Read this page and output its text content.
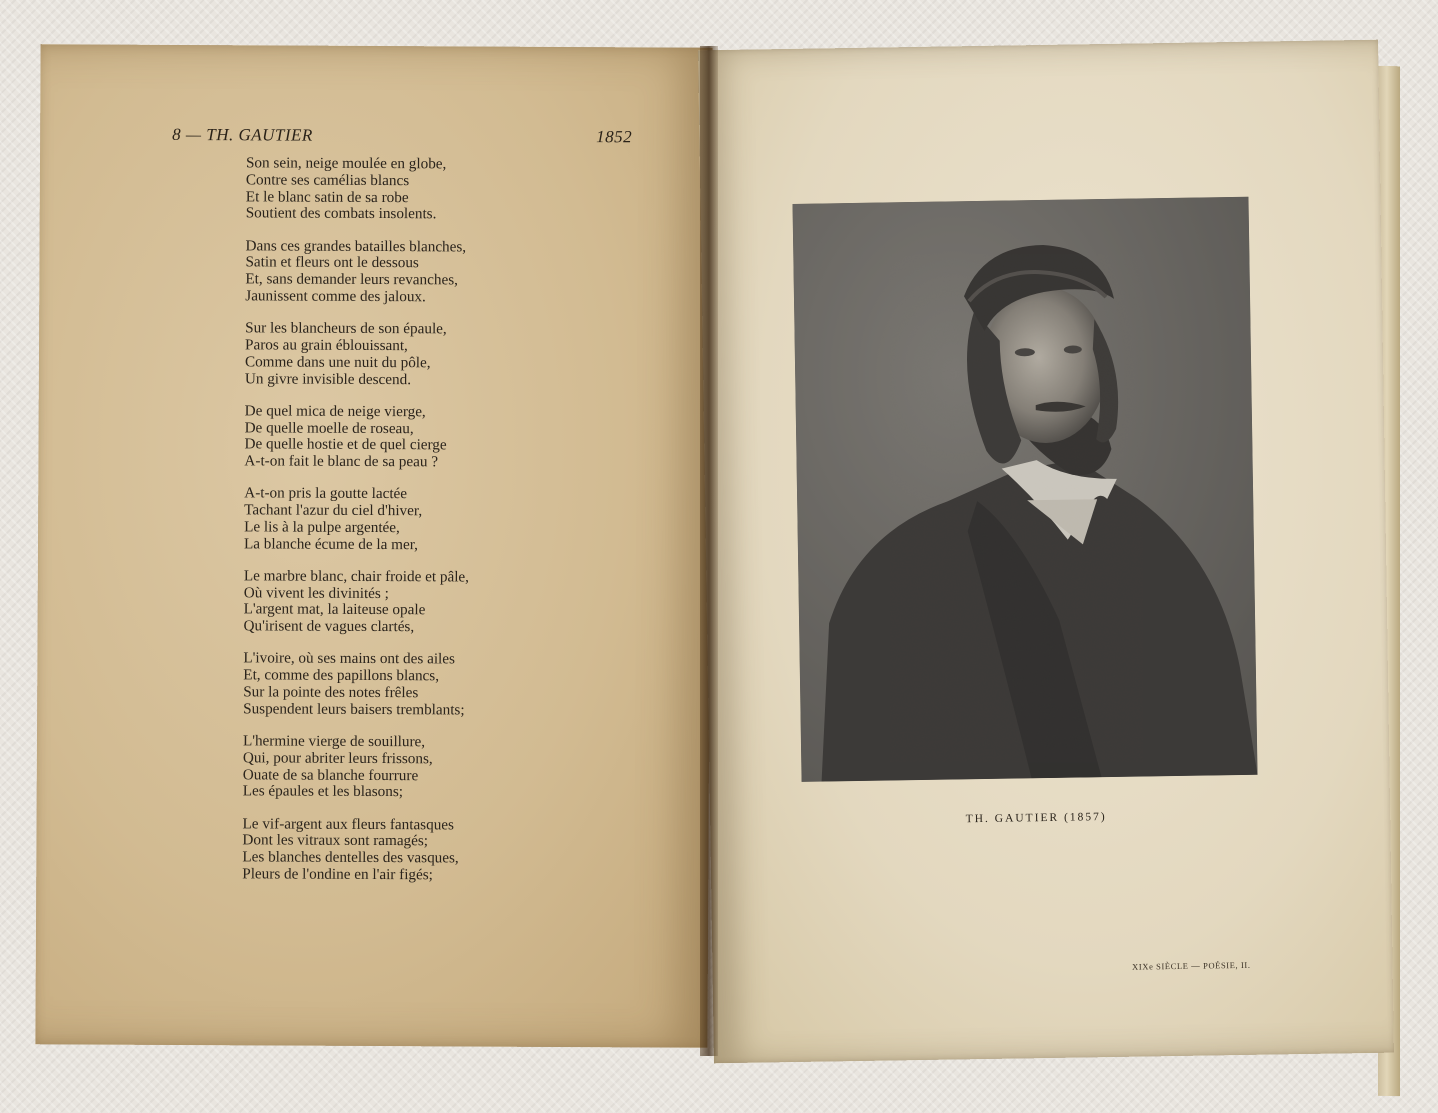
8 — TH. GAUTIER	1852
Son sein, neige moulée en globe,
Contre ses camélias blancs
Et le blanc satin de sa robe
Soutient des combats insolents.
Dans ces grandes batailles blanches,
Satin et fleurs ont le dessous
Et, sans demander leurs revanches,
Jaunissent comme des jaloux.
Sur les blancheurs de son épaule,
Paros au grain éblouissant,
Comme dans une nuit du pôle,
Un givre invisible descend.
De quel mica de neige vierge,
De quelle moelle de roseau,
De quelle hostie et de quel cierge
A-t-on fait le blanc de sa peau ?
A-t-on pris la goutte lactée
Tachant l'azur du ciel d'hiver,
Le lis à la pulpe argentée,
La blanche écume de la mer,
Le marbre blanc, chair froide et pâle,
Où vivent les divinités ;
L'argent mat, la laiteuse opale
Qu'irisent de vagues clartés,
L'ivoire, où ses mains ont des ailes
Et, comme des papillons blancs,
Sur la pointe des notes frêles
Suspendent leurs baisers tremblants;
L'hermine vierge de souillure,
Qui, pour abriter leurs frissons,
Ouate de sa blanche fourrure
Les épaules et les blasons;
Le vif-argent aux fleurs fantasques
Dont les vitraux sont ramagés;
Les blanches dentelles des vasques,
Pleurs de l'ondine en l'air figés;
TH. GAUTIER (1857)
XIXe SIÈCLE — POÉSIE, II.
